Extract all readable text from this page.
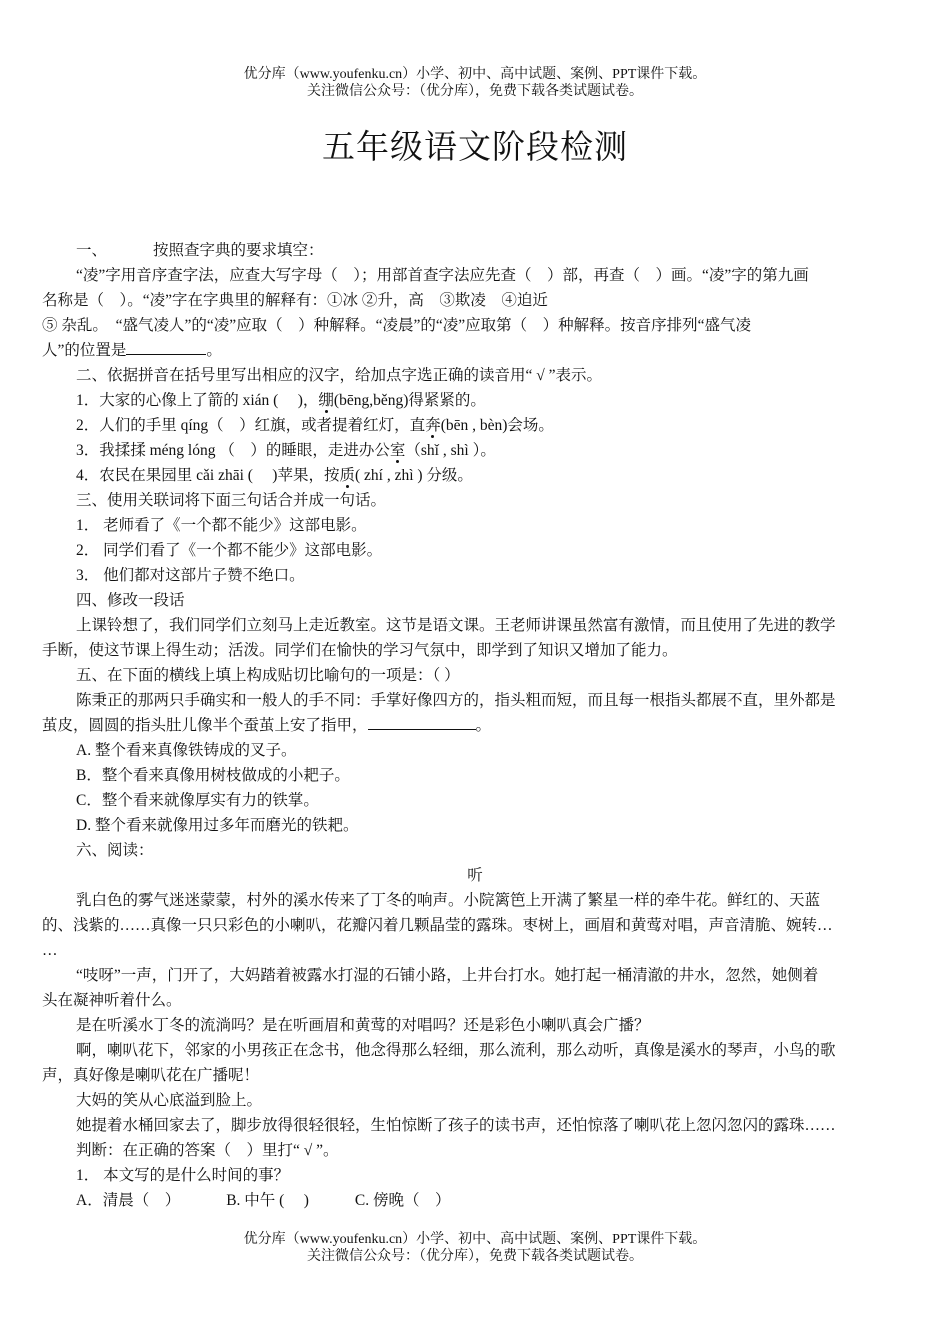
优分库（www.youfenku.cn）小学、初中、高中试题、案例、PPT课件下载。
关注微信公众号：（优分库），免费下载各类试题试卷。
五年级语文阶段检测

一、	按照查字典的要求填空：

“凌”字用音序查字法，应查大写字母（　）；用部首查字法应先查（　）部，再查（　）画。“凌”字的第九画

名称是（　）。“凌”字在字典里的解释有：①冰 ②升，高　③欺凌　④迫近

⑤ 杂乱。　“盛气凌人”的“凌”应取（　）种解释。“凌晨”的“凌”应取第（　）种解释。按音序排列“盛气凌

人”的位置是	。

二、依据拼音在括号里写出相应的汉字，给加点字选正确的读音用“ √ ”表示。

1．大家的心像上了箭的 xián (　 )，绷(bēng,běng)得紧紧的。

2．人们的手里 qíng（　）红旗，或者提着红灯，直奔(bēn , bèn)会场。

3．我揉揉 méng lóng （　）的睡眼，走进办公室（shǐ , shì ）。

4．农民在果园里 cǎi zhāi (　 )苹果，按质( zhí , zhì ) 分级。

三、使用关联词将下面三句话合并成一句话。

1． 老师看了《一个都不能少》这部电影。

2． 同学们看了《一个都不能少》这部电影。

3． 他们都对这部片子赞不绝口。

四、修改一段话

上课铃想了，我们同学们立刻马上走近教室。这节是语文课。王老师讲课虽然富有激情，而且使用了先进的教学

手断，使这节课上得生动；活泼。同学们在愉快的学习气氛中，即学到了知识又增加了能力。

五、在下面的横线上填上构成贴切比喻句的一项是：（ ）

陈秉正的那两只手确实和一般人的手不同：手掌好像四方的，指头粗而短，而且每一根指头都展不直，里外都是

茧皮，圆圆的指头肚儿像半个蚕茧上安了指甲，	。

A. 整个看来真像铁铸成的叉子。

B．整个看来真像用树枝做成的小耙子。

C．整个看来就像厚实有力的铁掌。

D. 整个看来就像用过多年而磨光的铁耙。

六、阅读：

听

乳白色的雾气迷迷蒙蒙，村外的溪水传来了丁冬的响声。小院篱笆上开满了繁星一样的牵牛花。鲜红的、天蓝

的、浅紫的……真像一只只彩色的小喇叭，花瓣闪着几颗晶莹的露珠。枣树上，画眉和黄莺对唱，声音清脆、婉转…

…

“吱呀”一声，门开了，大妈踏着被露水打湿的石铺小路，上井台打水。她打起一桶清澈的井水，忽然，她侧着

头在凝神听着什么。

是在听溪水丁冬的流淌吗？是在听画眉和黄莺的对唱吗？还是彩色小喇叭真会广播？

啊，喇叭花下，邻家的小男孩正在念书，他念得那么轻细，那么流利，那么动听，真像是溪水的琴声，小鸟的歌

声，真好像是喇叭花在广播呢！

大妈的笑从心底溢到脸上。

她提着水桶回家去了，脚步放得很轻很轻，生怕惊断了孩子的读书声，还怕惊落了喇叭花上忽闪忽闪的露珠……

判断：在正确的答案（　）里打“ √ ”。

1． 本文写的是什么时间的事？

A．清晨（　）	B. 中午 (　 )	C. 傍晚（　）

优分库（www.youfenku.cn）小学、初中、高中试题、案例、PPT课件下载。
关注微信公众号：（优分库），免费下载各类试题试卷。
